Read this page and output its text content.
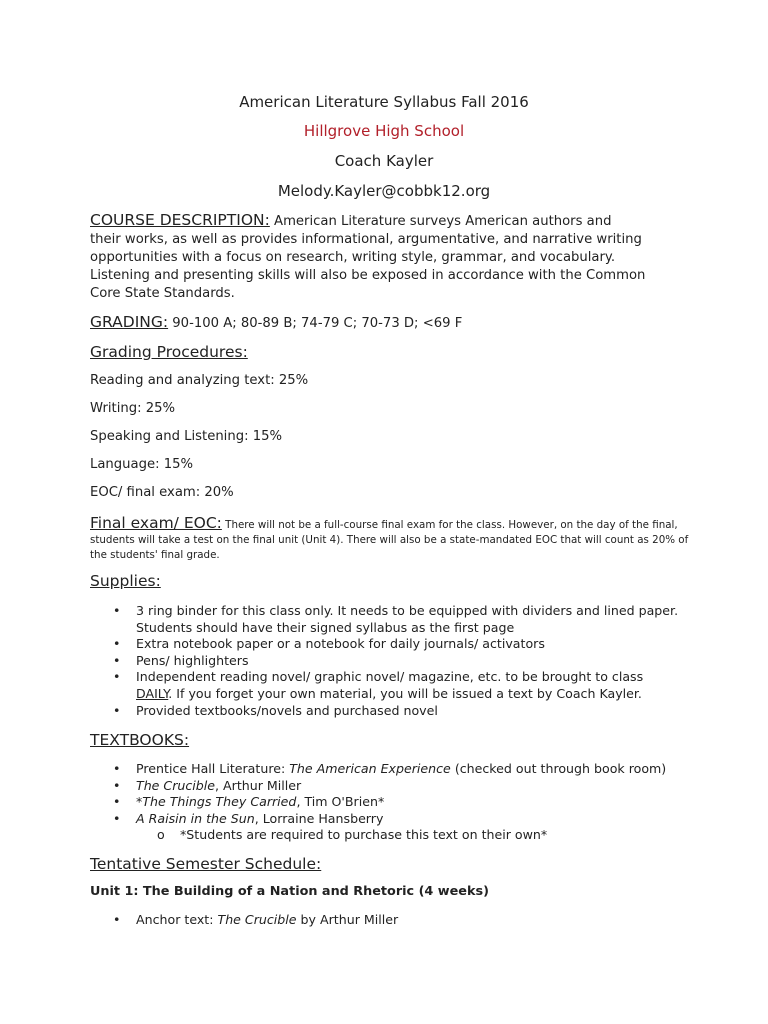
American Literature Syllabus Fall 2016
Hillgrove High School
Coach Kayler
Melody.Kayler@cobbk12.org
COURSE DESCRIPTION: American Literature surveys American authors and
their works, as well as provides informational, argumentative, and narrative writing
opportunities with a focus on research, writing style, grammar, and vocabulary.
Listening and presenting skills will also be exposed in accordance with the Common
Core State Standards.
GRADING: 90-100 A; 80-89 B; 74-79 C; 70-73 D; <69 F
Grading Procedures:
Reading and analyzing text: 25%
Writing: 25%
Speaking and Listening: 15%
Language: 15%
EOC/ final exam: 20%
Final exam/ EOC: There will not be a full-course final exam for the class. However, on the day of the final,
students will take a test on the final unit (Unit 4). There will also be a state-mandated EOC that will count as 20% of
the students' final grade.
Supplies:
• 3 ring binder for this class only. It needs to be equipped with dividers and lined paper.
Students should have their signed syllabus as the first page
• Extra notebook paper or a notebook for daily journals/ activators
• Pens/ highlighters
• Independent reading novel/ graphic novel/ magazine, etc. to be brought to class
DAILY. If you forget your own material, you will be issued a text by Coach Kayler.
• Provided textbooks/novels and purchased novel
TEXTBOOKS:
• Prentice Hall Literature: The American Experience (checked out through book room)
• The Crucible, Arthur Miller
• *The Things They Carried, Tim O'Brien*
• A Raisin in the Sun, Lorraine Hansberry
o *Students are required to purchase this text on their own*
Tentative Semester Schedule:
Unit 1: The Building of a Nation and Rhetoric (4 weeks)
• Anchor text: The Crucible by Arthur Miller
